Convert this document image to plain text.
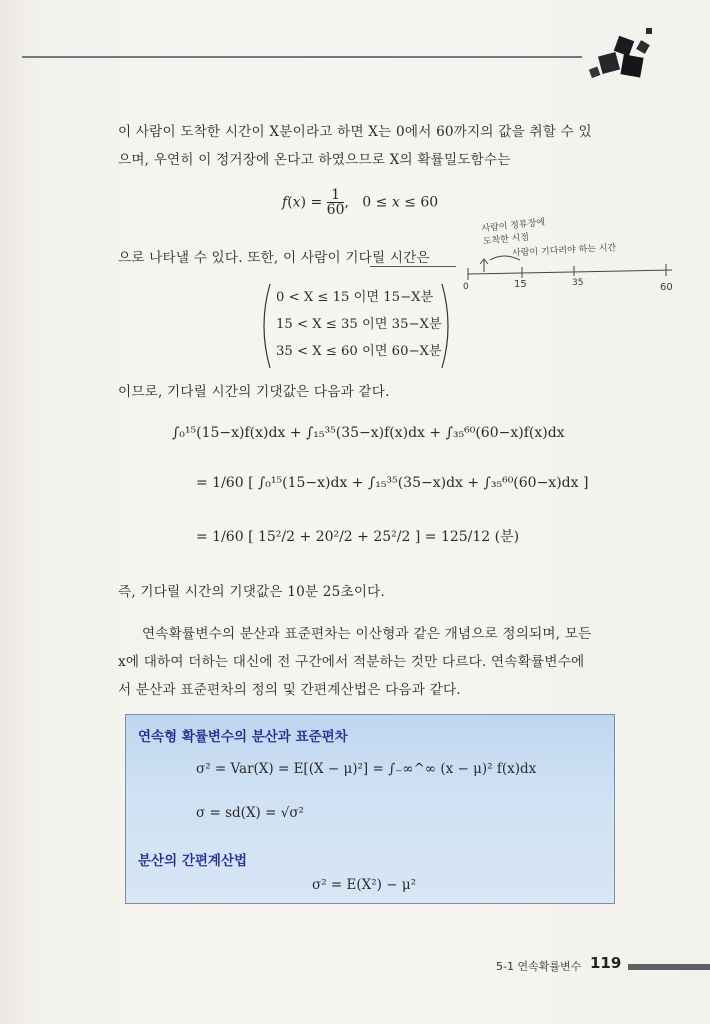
이 사람이 도착한 시간이 X분이라고 하면 X는 0에서 60까지의 값을 취할 수 있
으며, 우연히 이 정거장에 온다고 하였으므로 X의 확률밀도함수는
$f(x) = \frac{1}{60}$ ,   0 ≤ x ≤ 60
으로 나타낼 수 있다. 또한, 이 사람이 기다릴 시간은
사람이 정류장에
도착한 시점
사람이 기다려야 하는 시간
0	15	35	60
0 < X ≤ 15 이면 15−X분
15 < X ≤ 35 이면 35−X분
35 < X ≤ 60 이면 60−X분
이므로, 기다릴 시간의 기댓값은 다음과 같다.
∫₀¹⁵(15−x)f(x)dx + ∫₁₅³⁵(35−x)f(x)dx + ∫₃₅⁶⁰(60−x)f(x)dx
= 1/60 [ ∫₀¹⁵(15−x)dx + ∫₁₅³⁵(35−x)dx + ∫₃₅⁶⁰(60−x)dx ]
= 1/60 [ 15²/2 + 20²/2 + 25²/2 ] = 125/12 (분)
즉, 기다릴 시간의 기댓값은 10분 25초이다.
연속확률변수의 분산과 표준편차는 이산형과 같은 개념으로 정의되며, 모든
x에 대하여 더하는 대신에 전 구간에서 적분하는 것만 다르다. 연속확률변수에
서 분산과 표준편차의 정의 및 간편계산법은 다음과 같다.
연속형 확률변수의 분산과 표준편차
σ² = Var(X) = E[(X − μ)²] = ∫₋∞^∞ (x − μ)² f(x)dx
σ = sd(X) = √σ²
분산의 간편계산법
σ² = E(X²) − μ²
5-1 연속확률변수 119
